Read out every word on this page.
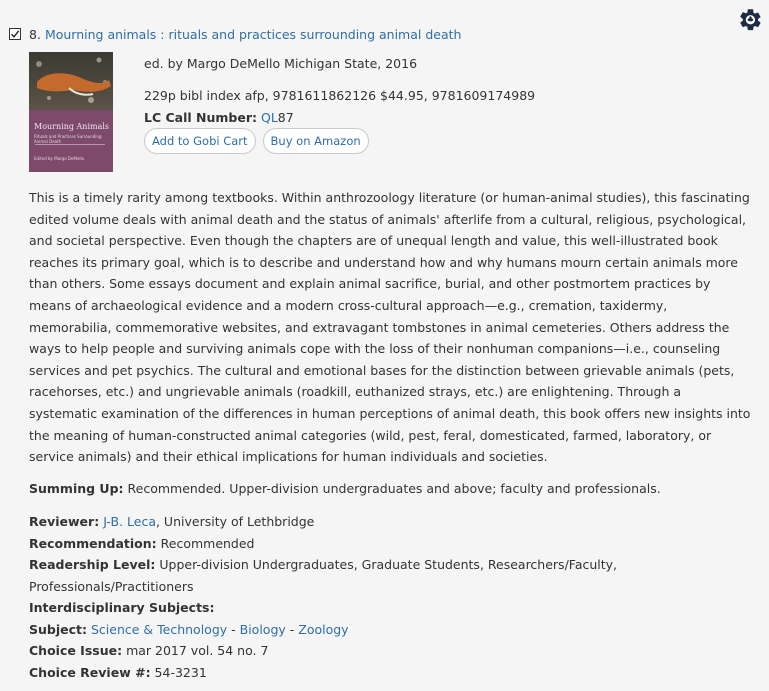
8. Mourning animals : rituals and practices surrounding animal death
Mourning Animals
Rituals and Practices Surrounding Animal Death
Edited by Margo DeMello
ed. by Margo DeMello Michigan State, 2016
229p bibl index afp, 9781611862126 $44.95, 9781609174989
LC Call Number: QL87
Add to Gobi Cart	Buy on Amazon
This is a timely rarity among textbooks. Within anthrozoology literature (or human-animal studies), this fascinating edited volume deals with animal death and the status of animals' afterlife from a cultural, religious, psychological, and societal perspective. Even though the chapters are of unequal length and value, this well-illustrated book reaches its primary goal, which is to describe and understand how and why humans mourn certain animals more than others. Some essays document and explain animal sacrifice, burial, and other postmortem practices by means of archaeological evidence and a modern cross-cultural approach—e.g., cremation, taxidermy, memorabilia, commemorative websites, and extravagant tombstones in animal cemeteries. Others address the ways to help people and surviving animals cope with the loss of their nonhuman companions—i.e., counseling services and pet psychics. The cultural and emotional bases for the distinction between grievable animals (pets, racehorses, etc.) and ungrievable animals (roadkill, euthanized strays, etc.) are enlightening. Through a systematic examination of the differences in human perceptions of animal death, this book offers new insights into the meaning of human-constructed animal categories (wild, pest, feral, domesticated, farmed, laboratory, or service animals) and their ethical implications for human individuals and societies.
Summing Up: Recommended. Upper-division undergraduates and above; faculty and professionals.
Reviewer: J-B. Leca, University of Lethbridge
Recommendation: Recommended
Readership Level: Upper-division Undergraduates, Graduate Students, Researchers/Faculty, Professionals/Practitioners
Interdisciplinary Subjects:
Subject: Science & Technology - Biology - Zoology
Choice Issue: mar 2017 vol. 54 no. 7
Choice Review #: 54-3231
